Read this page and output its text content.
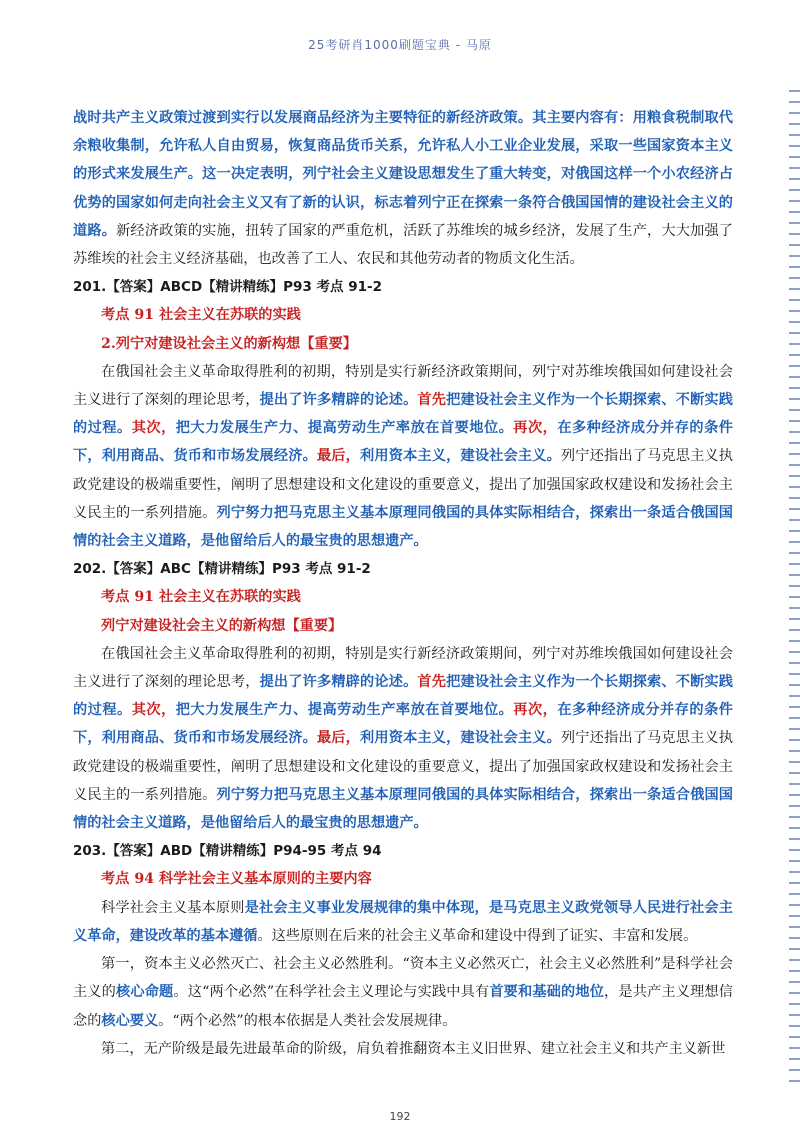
25考研肖1000刷题宝典 - 马原

战时共产主义政策过渡到实行以发展商品经济为主要特征的新经济政策。其主要内容有：用粮食税制取代余粮收集制，允许私人自由贸易，恢复商品货币关系，允许私人小工业企业发展，采取一些国家资本主义的形式来发展生产。这一决定表明，列宁社会主义建设思想发生了重大转变，对俄国这样一个小农经济占优势的国家如何走向社会主义又有了新的认识，标志着列宁正在探索一条符合俄国国情的建设社会主义的道路。新经济政策的实施，扭转了国家的严重危机，活跃了苏维埃的城乡经济，发展了生产，大大加强了苏维埃的社会主义经济基础，也改善了工人、农民和其他劳动者的物质文化生活。

201.【答案】ABCD【精讲精练】P93 考点 91-2

考点 91 社会主义在苏联的实践

2.列宁对建设社会主义的新构想【重要】

在俄国社会主义革命取得胜利的初期，特别是实行新经济政策期间，列宁对苏维埃俄国如何建设社会主义进行了深刻的理论思考，提出了许多精辟的论述。首先把建设社会主义作为一个长期探索、不断实践的过程。其次，把大力发展生产力、提高劳动生产率放在首要地位。再次，在多种经济成分并存的条件下，利用商品、货币和市场发展经济。最后，利用资本主义，建设社会主义。列宁还指出了马克思主义执政党建设的极端重要性，阐明了思想建设和文化建设的重要意义，提出了加强国家政权建设和发扬社会主义民主的一系列措施。列宁努力把马克思主义基本原理同俄国的具体实际相结合，探索出一条适合俄国国情的社会主义道路，是他留给后人的最宝贵的思想遗产。

202.【答案】ABC【精讲精练】P93 考点 91-2

考点 91 社会主义在苏联的实践

列宁对建设社会主义的新构想【重要】

在俄国社会主义革命取得胜利的初期，特别是实行新经济政策期间，列宁对苏维埃俄国如何建设社会主义进行了深刻的理论思考，提出了许多精辟的论述。首先把建设社会主义作为一个长期探索、不断实践的过程。其次，把大力发展生产力、提高劳动生产率放在首要地位。再次，在多种经济成分并存的条件下，利用商品、货币和市场发展经济。最后，利用资本主义，建设社会主义。列宁还指出了马克思主义执政党建设的极端重要性，阐明了思想建设和文化建设的重要意义，提出了加强国家政权建设和发扬社会主义民主的一系列措施。列宁努力把马克思主义基本原理同俄国的具体实际相结合，探索出一条适合俄国国情的社会主义道路，是他留给后人的最宝贵的思想遗产。

203.【答案】ABD【精讲精练】P94-95 考点 94

考点 94 科学社会主义基本原则的主要内容

科学社会主义基本原则是社会主义事业发展规律的集中体现，是马克思主义政党领导人民进行社会主义革命，建设改革的基本遵循。这些原则在后来的社会主义革命和建设中得到了证实、丰富和发展。

第一，资本主义必然灭亡、社会主义必然胜利。“资本主义必然灭亡，社会主义必然胜利”是科学社会主义的核心命题。这“两个必然”在科学社会主义理论与实践中具有首要和基础的地位，是共产主义理想信念的核心要义。“两个必然”的根本依据是人类社会发展规律。

第二，无产阶级是最先进最革命的阶级，肩负着推翻资本主义旧世界、建立社会主义和共产主义新世

192
